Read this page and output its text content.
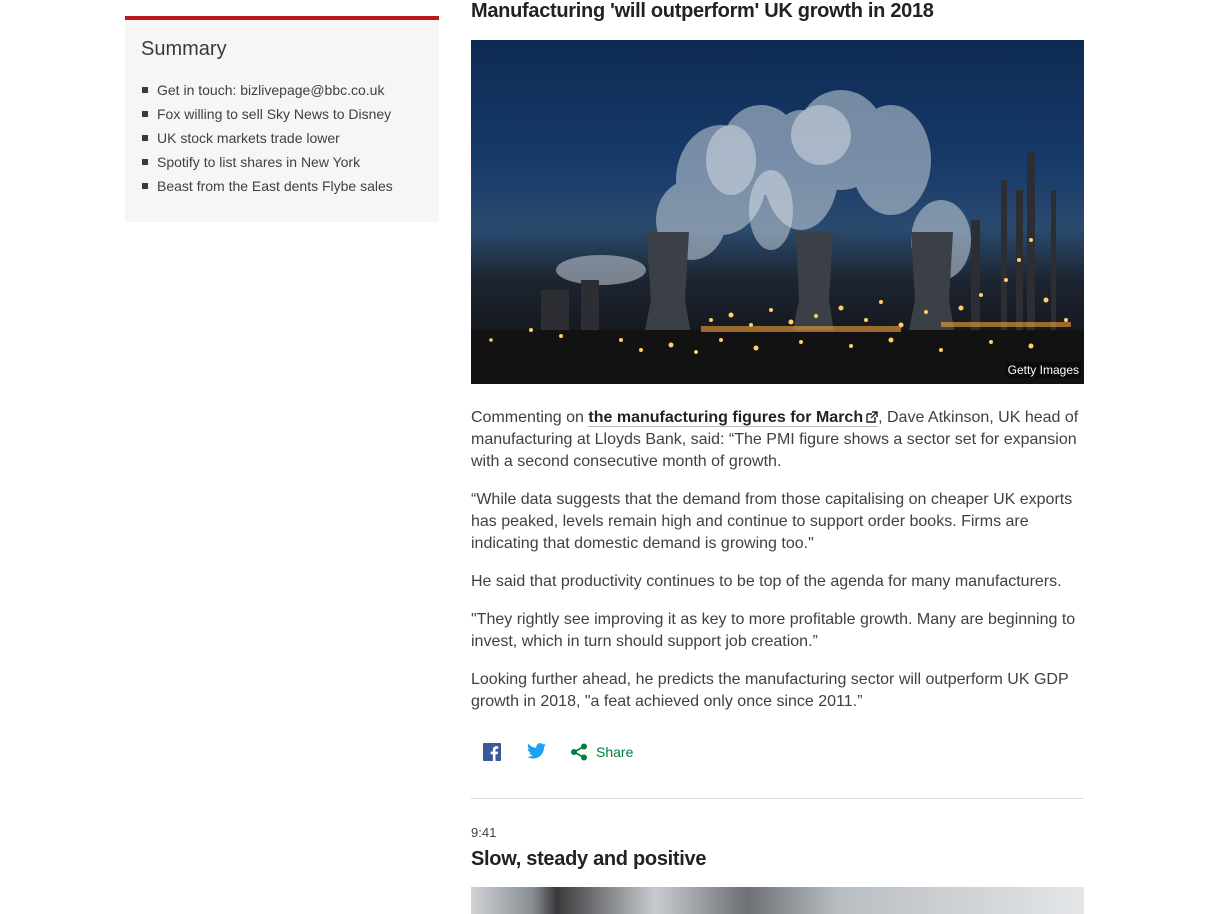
Summary
Get in touch: bizlivepage@bbc.co.uk
Fox willing to sell Sky News to Disney
UK stock markets trade lower
Spotify to list shares in New York
Beast from the East dents Flybe sales
Manufacturing 'will outperform' UK growth in 2018
Getty Images

Commenting on the manufacturing figures for March , Dave Atkinson, UK head of manufacturing at Lloyds Bank, said: “The PMI figure shows a sector set for expansion with a second consecutive month of growth.

“While data suggests that the demand from those capitalising on cheaper UK exports has peaked, levels remain high and continue to support order books. Firms are indicating that domestic demand is growing too."

He said that productivity continues to be top of the agenda for many manufacturers.

"They rightly see improving it as key to more profitable growth. Many are beginning to invest, which in turn should support job creation.”

Looking further ahead, he predicts the manufacturing sector will outperform UK GDP growth in 2018, "a feat achieved only once since 2011.”

Share
9:41
Slow, steady and positive
